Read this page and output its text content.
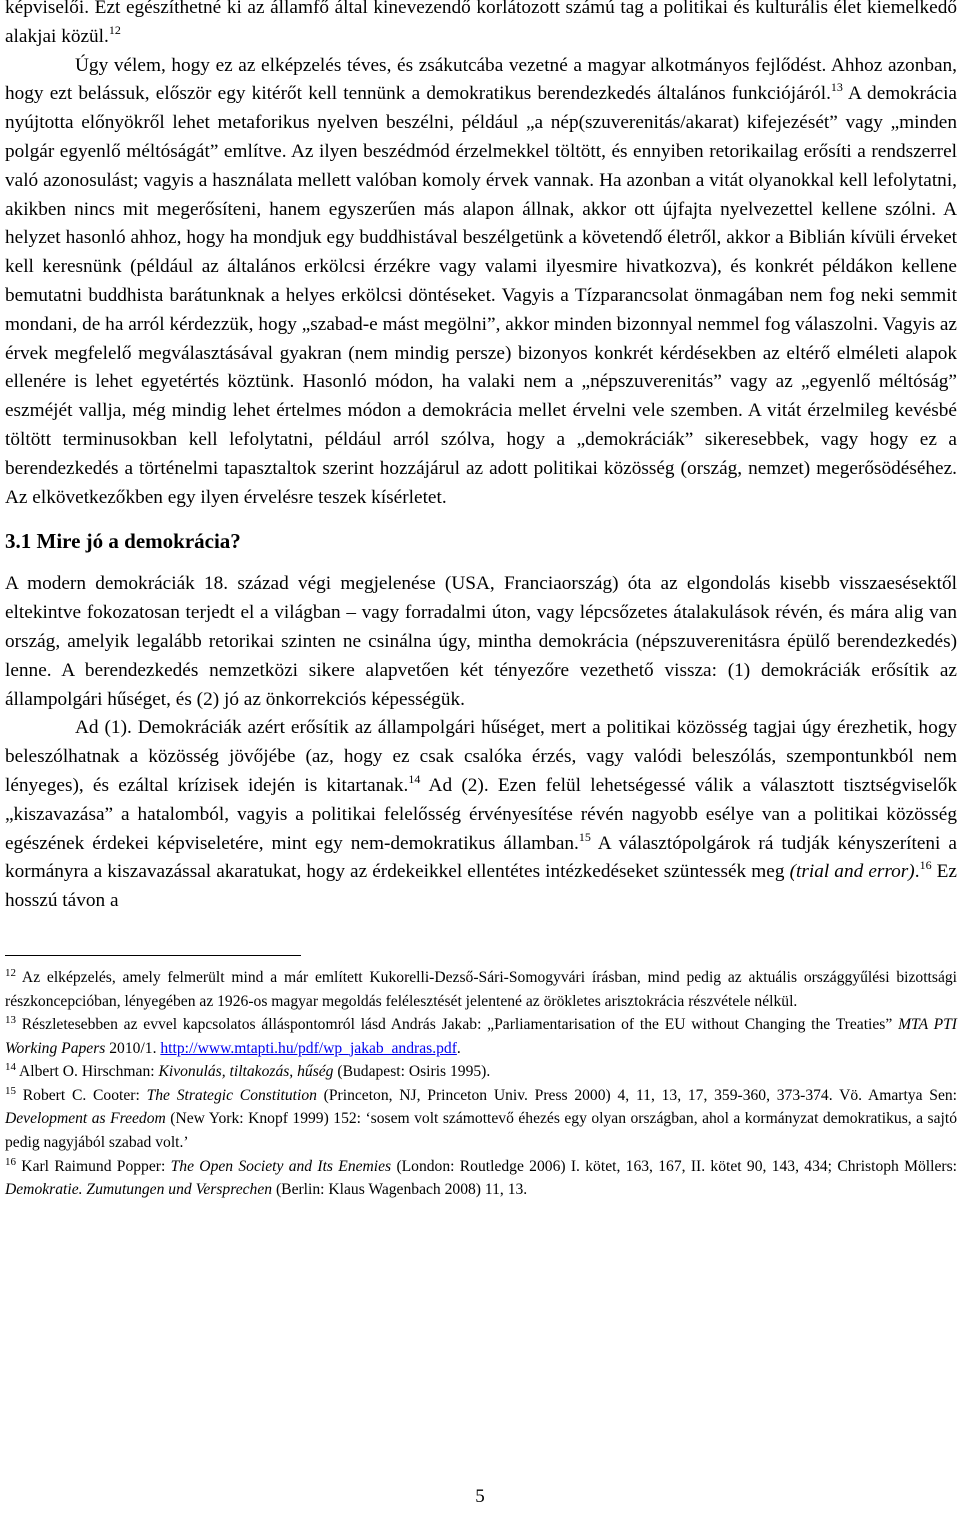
képviselői. Ezt egészíthetné ki az államfő által kinevezendő korlátozott számú tag a politikai és kulturális élet kiemelkedő alakjai közül.$^{12}$
Úgy vélem, hogy ez az elképzelés téves, és zsákutcába vezetné a magyar alkotmányos fejlődést. Ahhoz azonban, hogy ezt belássuk, először egy kitérőt kell tennünk a demokratikus berendezkedés általános funkciójáról.$^{13}$ A demokrácia nyújtotta előnyökről lehet metaforikus nyelven beszélni, például „a nép(szuverenitás/akarat) kifejezését” vagy „minden polgár egyenlő méltóságát” említve. Az ilyen beszédmód érzelmekkel töltött, és ennyiben retorikailag erősíti a rendszerrel való azonosulást; vagyis a használata mellett valóban komoly érvek vannak. Ha azonban a vitát olyanokkal kell lefolytatni, akikben nincs mit megerősíteni, hanem egyszerűen más alapon állnak, akkor ott újfajta nyelvezettel kellene szólni. A helyzet hasonló ahhoz, hogy ha mondjuk egy buddhistával beszélgetünk a követendő életről, akkor a Biblián kívüli érveket kell keresnünk (például az általános erkölcsi érzékre vagy valami ilyesmire hivatkozva), és konkrét példákon kellene bemutatni buddhista barátunknak a helyes erkölcsi döntéseket. Vagyis a Tízparancsolat önmagában nem fog neki semmit mondani, de ha arról kérdezzük, hogy „szabad-e mást megölni”, akkor minden bizonnyal nemmel fog válaszolni. Vagyis az érvek megfelelő megválasztásával gyakran (nem mindig persze) bizonyos konkrét kérdésekben az eltérő elméleti alapok ellenére is lehet egyetértés köztünk. Hasonló módon, ha valaki nem a „népszuverenitás” vagy az „egyenlő méltóság” eszméjét vallja, még mindig lehet értelmes módon a demokrácia mellet érvelni vele szemben. A vitát érzelmileg kevésbé töltött terminusokban kell lefolytatni, például arról szólva, hogy a „demokráciák” sikeresebbek, vagy hogy ez a berendezkedés a történelmi tapasztaltok szerint hozzájárul az adott politikai közösség (ország, nemzet) megerősödéséhez. Az elkövetkezőkben egy ilyen érvelésre teszek kísérletet.

3.1 Mire jó a demokrácia?

A modern demokráciák 18. század végi megjelenése (USA, Franciaország) óta az elgondolás kisebb visszaesésektől eltekintve fokozatosan terjedt el a világban – vagy forradalmi úton, vagy lépcsőzetes átalakulások révén, és mára alig van ország, amelyik legalább retorikai szinten ne csinálna úgy, mintha demokrácia (népszuverenitásra épülő berendezkedés) lenne. A berendezkedés nemzetközi sikere alapvetően két tényezőre vezethető vissza: (1) demokráciák erősítik az állampolgári hűséget, és (2) jó az önkorrekciós képességük.

Ad (1). Demokráciák azért erősítik az állampolgári hűséget, mert a politikai közösség tagjai úgy érezhetik, hogy beleszólhatnak a közösség jövőjébe (az, hogy ez csak csalóka érzés, vagy valódi beleszólás, szempontunkból nem lényeges), és ezáltal krízisek idején is kitartanak.$^{14}$ Ad (2). Ezen felül lehetségessé válik a választott tisztségviselők „kiszavazása” a hatalomból, vagyis a politikai felelősség érvényesítése révén nagyobb esélye van a politikai közösség egészének érdekei képviseletére, mint egy nem-demokratikus államban.$^{15}$ A választópolgárok rá tudják kényszeríteni a kormányra a kiszavazással akaratukat, hogy az érdekeikkel ellentétes intézkedéseket szüntessék meg (trial and error).$^{16}$ Ez hosszú távon a

$^{12}$ Az elképzelés, amely felmerült mind a már említett Kukorelli-Dezső-Sári-Somogyvári írásban, mind pedig az aktuális országgyűlési bizottsági részkoncepcióban, lényegében az 1926-os magyar megoldás felélesztését jelentené az örökletes arisztokrácia részvétele nélkül.

$^{13}$ Részletesebben az evvel kapcsolatos álláspontomról lásd András Jakab: „Parliamentarisation of the EU without Changing the Treaties” MTA PTI Working Papers 2010/1. http://www.mtapti.hu/pdf/wp_jakab_andras.pdf.

$^{14}$ Albert O. Hirschman: Kivonulás, tiltakozás, hűség (Budapest: Osiris 1995).

$^{15}$ Robert C. Cooter: The Strategic Constitution (Princeton, NJ, Princeton Univ. Press 2000) 4, 11, 13, 17, 359-360, 373-374. Vö. Amartya Sen: Development as Freedom (New York: Knopf 1999) 152: ‘sosem volt számottevő éhezés egy olyan országban, ahol a kormányzat demokratikus, a sajtó pedig nagyjából szabad volt.’

$^{16}$ Karl Raimund Popper: The Open Society and Its Enemies (London: Routledge 2006) I. kötet, 163, 167, II. kötet 90, 143, 434; Christoph Möllers: Demokratie. Zumutungen und Versprechen (Berlin: Klaus Wagenbach 2008) 11, 13.

5
